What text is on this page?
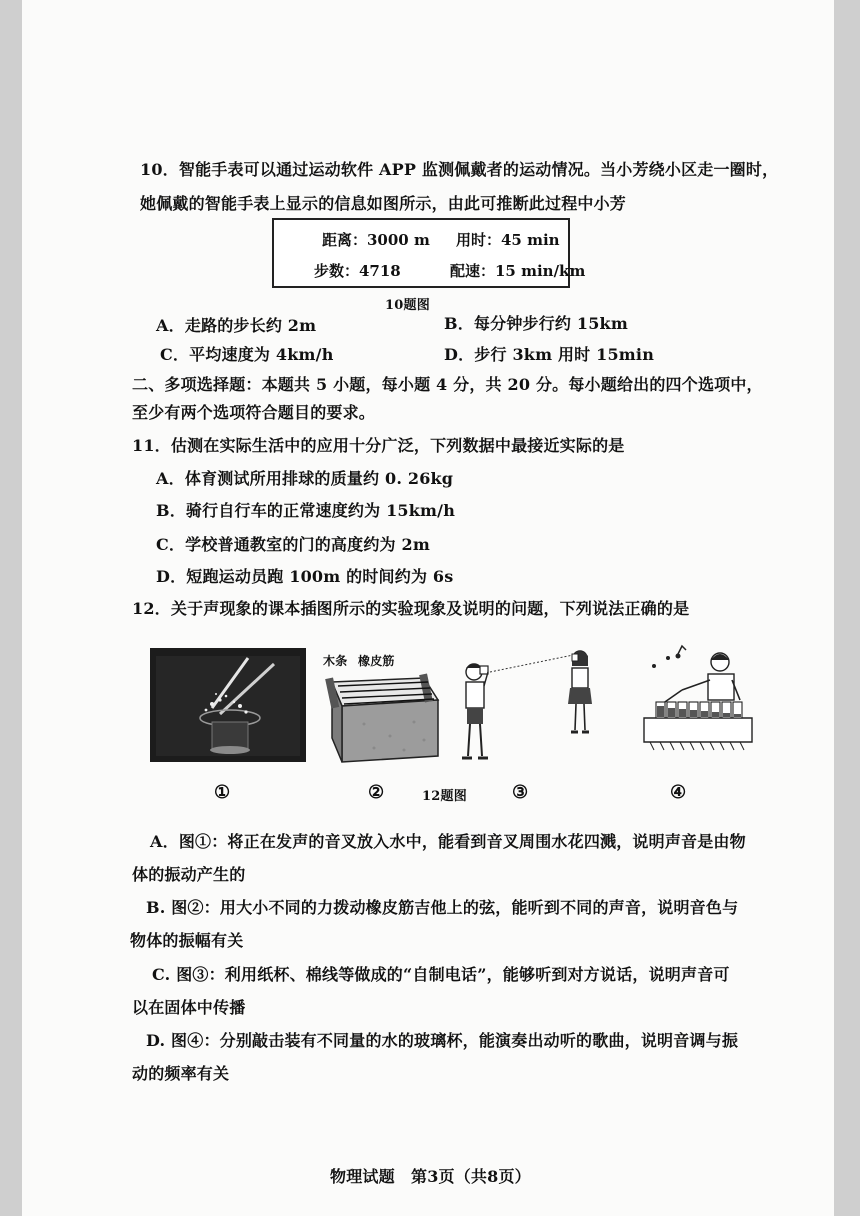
10．智能手表可以通过运动软件 APP 监测佩戴者的运动情况。当小芳绕小区走一圈时，
她佩戴的智能手表上显示的信息如图所示，由此可推断此过程中小芳
距离：3000 m 用时：45 min
步数：4718	配速：15 min/km
10题图
A．走路的步长约 2m	B．每分钟步行约 15km
C．平均速度为 4km/h	D．步行 3km 用时 15min
二、多项选择题：本题共 5 小题，每小题 4 分，共 20 分。每小题给出的四个选项中，
至少有两个选项符合题目的要求。
11．估测在实际生活中的应用十分广泛，下列数据中最接近实际的是
A．体育测试所用排球的质量约 0. 26kg
B．骑行自行车的正常速度约为 15km/h
C．学校普通教室的门的高度约为 2m
D．短跑运动员跑 100m 的时间约为 6s
12．关于声现象的课本插图所示的实验现象及说明的问题，下列说法正确的是
木条 橡皮筋
①	②	12题图	③	④
A．图①：将正在发声的音叉放入水中，能看到音叉周围水花四溅，说明声音是由物
体的振动产生的
B. 图②：用大小不同的力拨动橡皮筋吉他上的弦，能听到不同的声音，说明音色与
物体的振幅有关
C. 图③：利用纸杯、棉线等做成的“自制电话”，能够听到对方说话，说明声音可
以在固体中传播
D. 图④：分别敲击装有不同量的水的玻璃杯，能演奏出动听的歌曲，说明音调与振
动的频率有关
物理试题　第3页（共8页）
